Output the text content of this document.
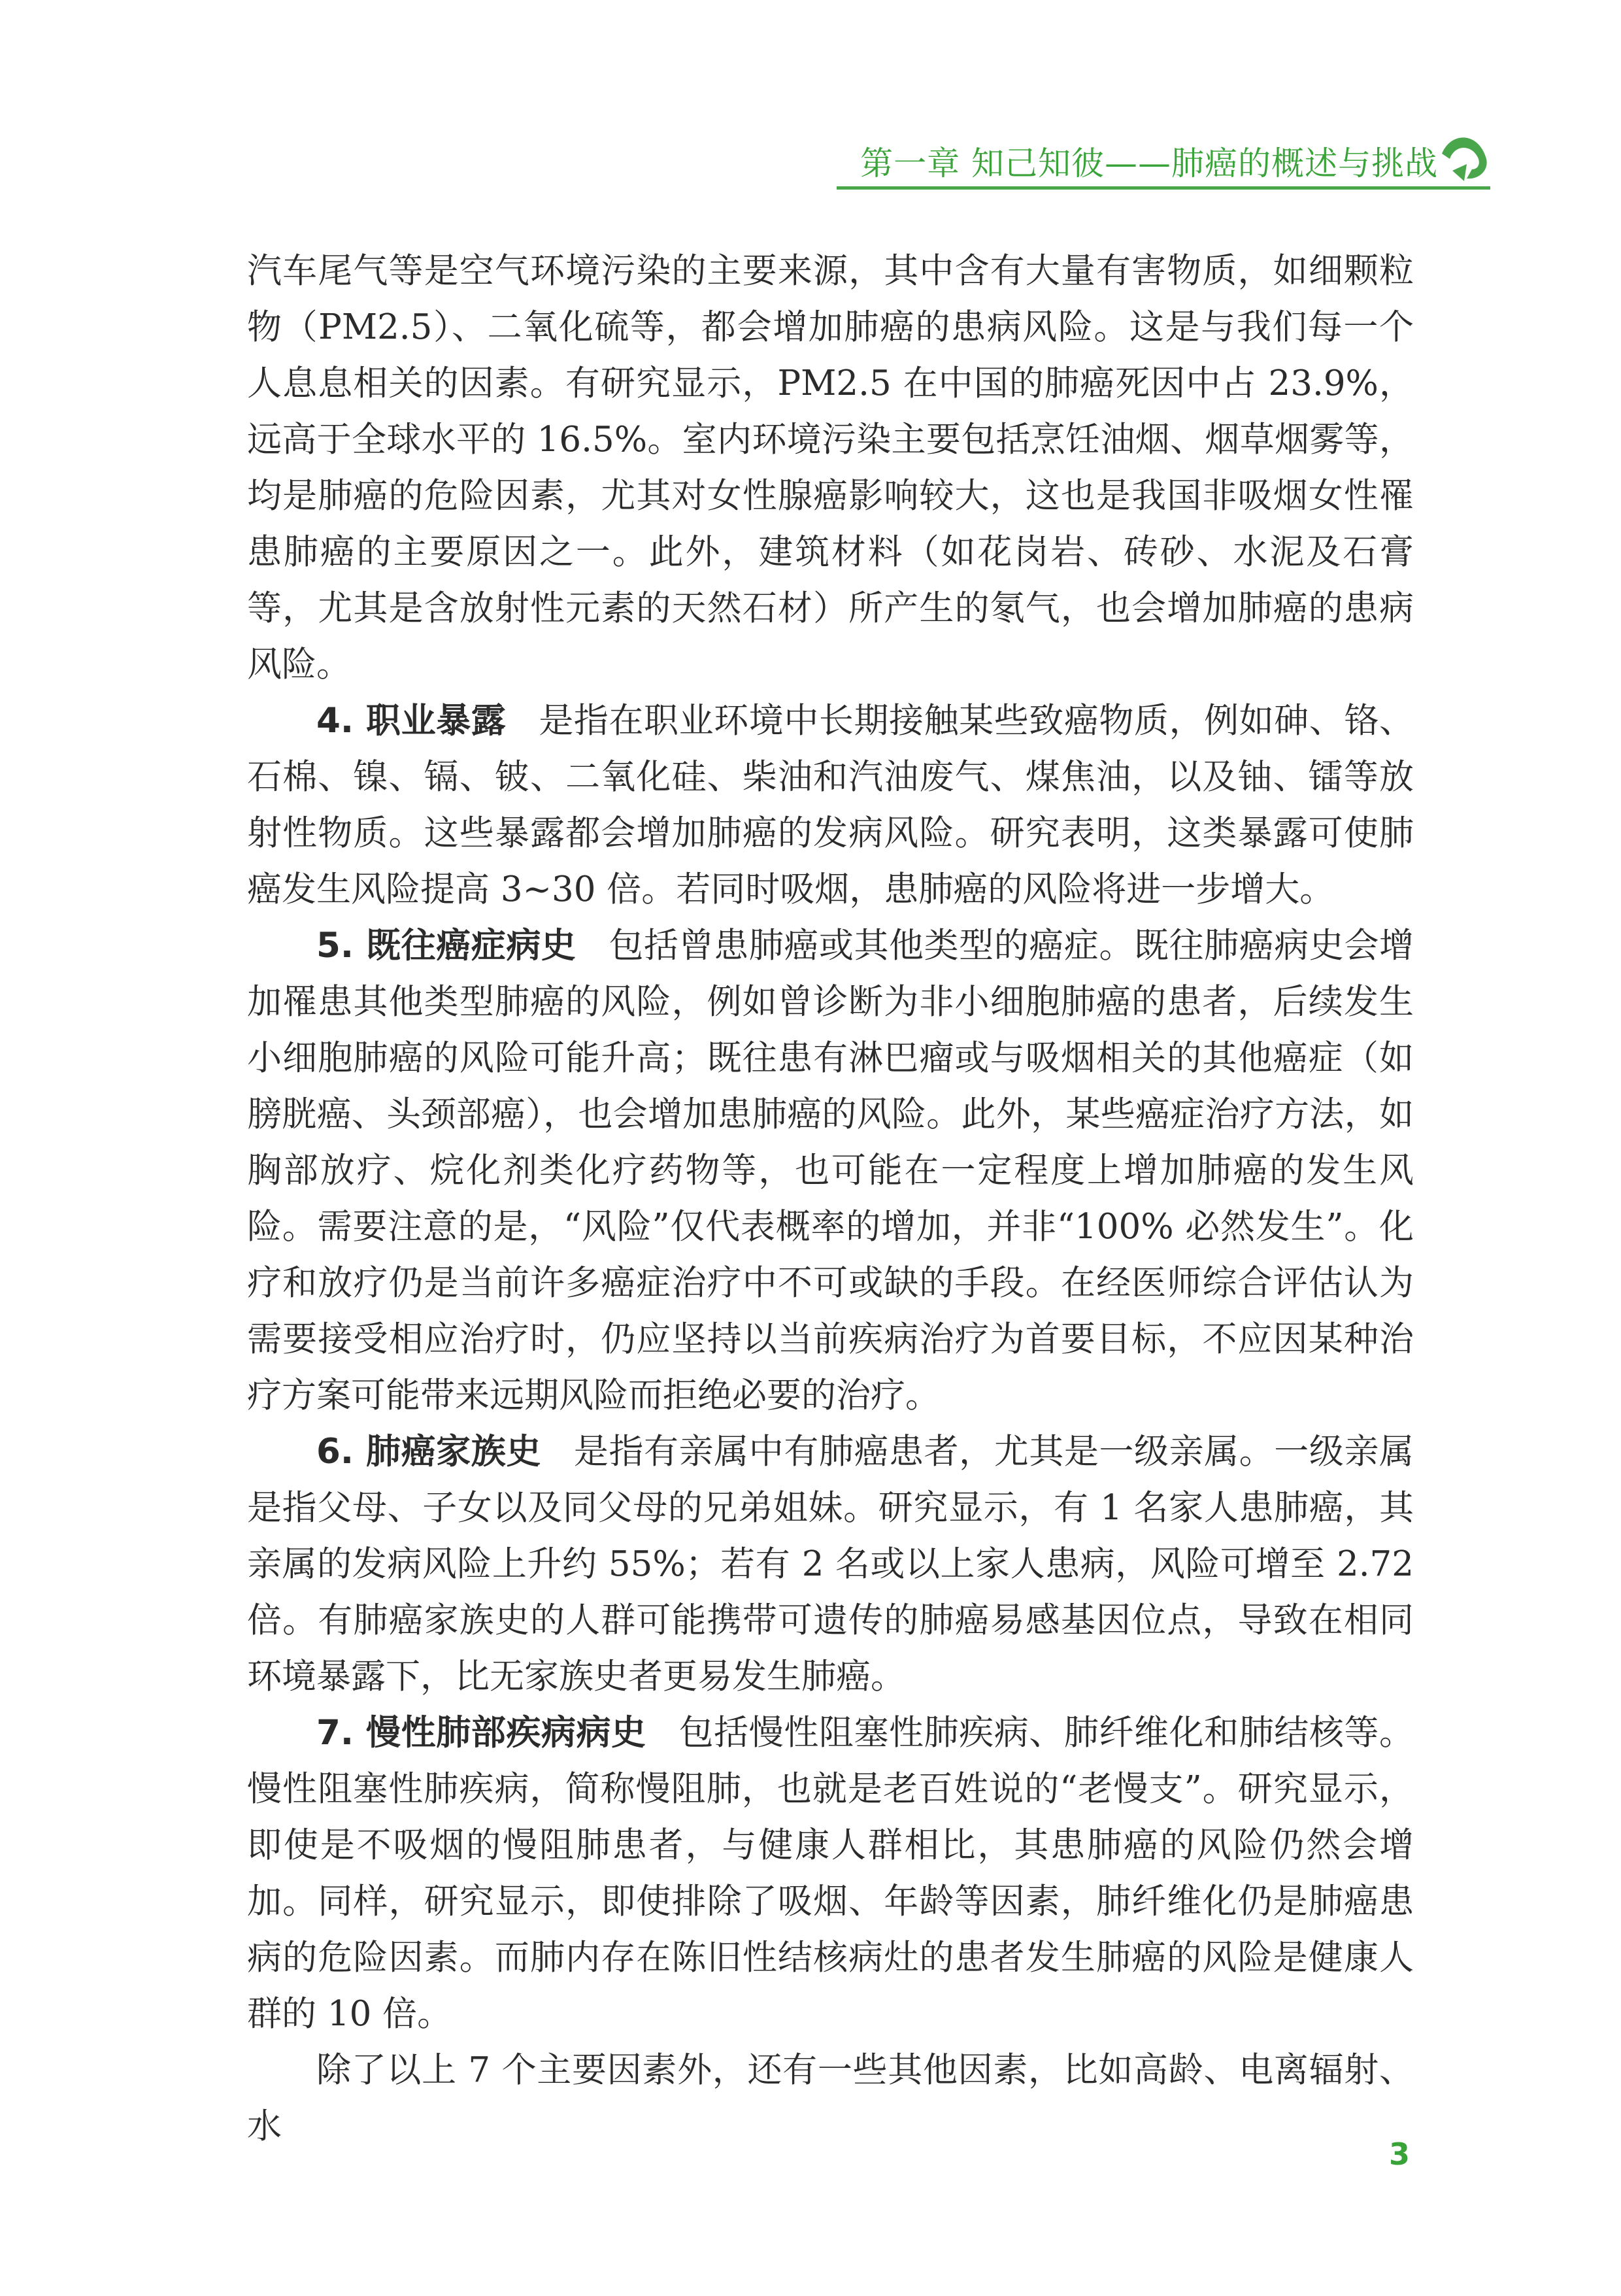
第一章 知己知彼——肺癌的概述与挑战

汽车尾气等是空气环境污染的主要来源，其中含有大量有害物质，如细颗粒物（PM2.5）、二氧化硫等，都会增加肺癌的患病风险。这是与我们每一个人息息相关的因素。有研究显示，PM2.5 在中国的肺癌死因中占 23.9%，远高于全球水平的 16.5%。室内环境污染主要包括烹饪油烟、烟草烟雾等，均是肺癌的危险因素，尤其对女性腺癌影响较大，这也是我国非吸烟女性罹患肺癌的主要原因之一。此外，建筑材料（如花岗岩、砖砂、水泥及石膏等，尤其是含放射性元素的天然石材）所产生的氡气，也会增加肺癌的患病风险。

4. 职业暴露 是指在职业环境中长期接触某些致癌物质，例如砷、铬、石棉、镍、镉、铍、二氧化硅、柴油和汽油废气、煤焦油，以及铀、镭等放射性物质。这些暴露都会增加肺癌的发病风险。研究表明，这类暴露可使肺癌发生风险提高 3~30 倍。若同时吸烟，患肺癌的风险将进一步增大。

5. 既往癌症病史 包括曾患肺癌或其他类型的癌症。既往肺癌病史会增加罹患其他类型肺癌的风险，例如曾诊断为非小细胞肺癌的患者，后续发生小细胞肺癌的风险可能升高；既往患有淋巴瘤或与吸烟相关的其他癌症（如膀胱癌、头颈部癌），也会增加患肺癌的风险。此外，某些癌症治疗方法，如胸部放疗、烷化剂类化疗药物等，也可能在一定程度上增加肺癌的发生风险。需要注意的是，“风险”仅代表概率的增加，并非“100% 必然发生”。化疗和放疗仍是当前许多癌症治疗中不可或缺的手段。在经医师综合评估认为需要接受相应治疗时，仍应坚持以当前疾病治疗为首要目标，不应因某种治疗方案可能带来远期风险而拒绝必要的治疗。

6. 肺癌家族史 是指有亲属中有肺癌患者，尤其是一级亲属。一级亲属是指父母、子女以及同父母的兄弟姐妹。研究显示，有 1 名家人患肺癌，其亲属的发病风险上升约 55%；若有 2 名或以上家人患病，风险可增至 2.72 倍。有肺癌家族史的人群可能携带可遗传的肺癌易感基因位点，导致在相同环境暴露下，比无家族史者更易发生肺癌。

7. 慢性肺部疾病病史 包括慢性阻塞性肺疾病、肺纤维化和肺结核等。慢性阻塞性肺疾病，简称慢阻肺，也就是老百姓说的“老慢支”。研究显示，即使是不吸烟的慢阻肺患者，与健康人群相比，其患肺癌的风险仍然会增加。同样，研究显示，即使排除了吸烟、年龄等因素，肺纤维化仍是肺癌患病的危险因素。而肺内存在陈旧性结核病灶的患者发生肺癌的风险是健康人群的 10 倍。

除了以上 7 个主要因素外，还有一些其他因素，比如高龄、电离辐射、水

3
